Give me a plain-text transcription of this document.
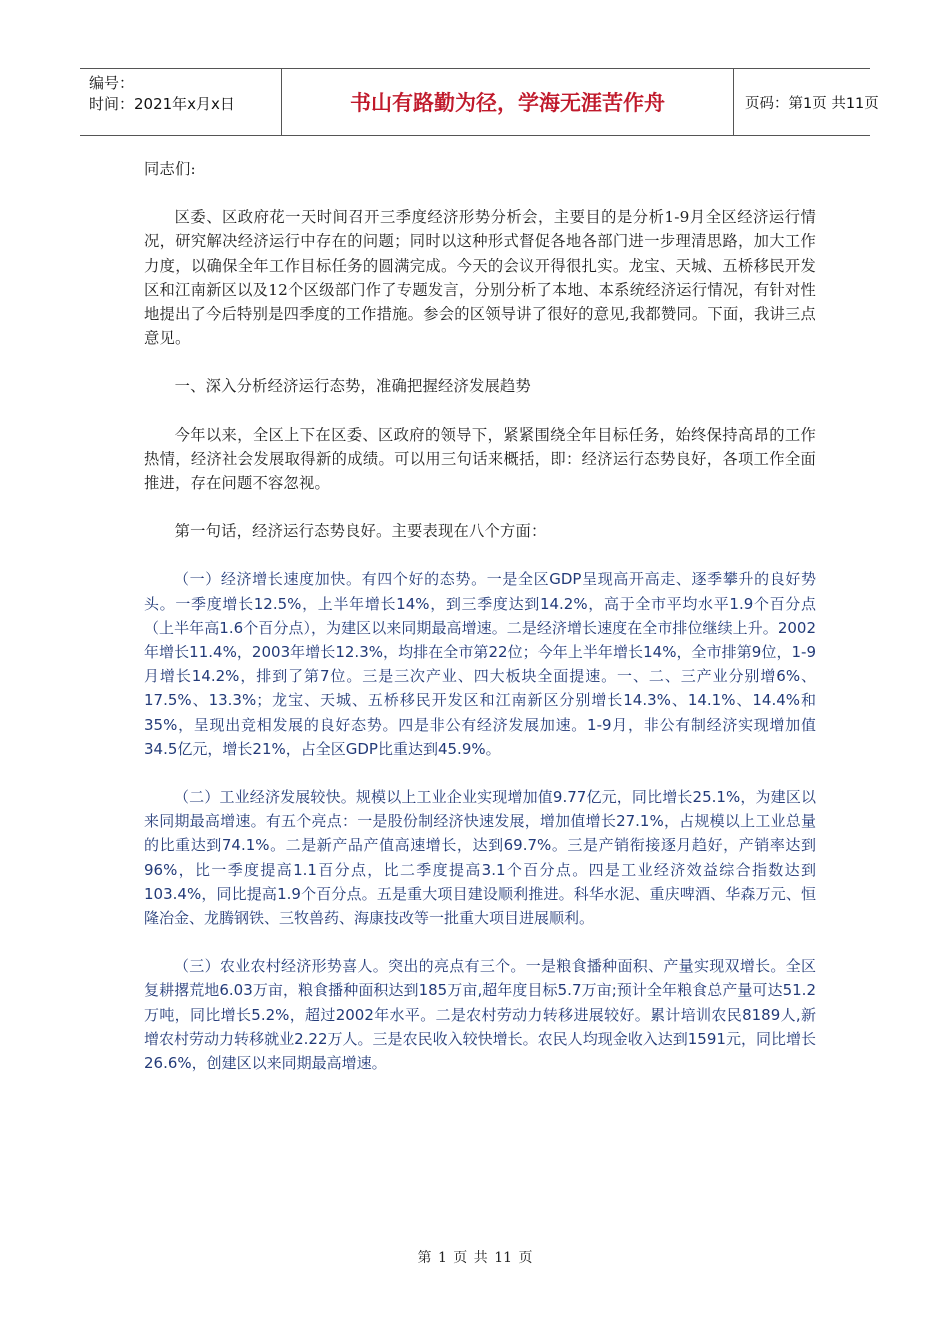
编号：
时间：2021年x月x日	书山有路勤为径，学海无涯苦作舟	页码：第1页 共11页

同志们:

区委、区政府花一天时间召开三季度经济形势分析会，主要目的是分析1-9月全区经济运行情况，研究解决经济运行中存在的问题；同时以这种形式督促各地各部门进一步理清思路，加大工作力度，以确保全年工作目标任务的圆满完成。今天的会议开得很扎实。龙宝、天城、五桥移民开发区和江南新区以及12个区级部门作了专题发言，分别分析了本地、本系统经济运行情况，有针对性地提出了今后特别是四季度的工作措施。参会的区领导讲了很好的意见,我都赞同。下面，我讲三点意见。

一、深入分析经济运行态势，准确把握经济发展趋势

今年以来，全区上下在区委、区政府的领导下，紧紧围绕全年目标任务，始终保持高昂的工作热情，经济社会发展取得新的成绩。可以用三句话来概括，即：经济运行态势良好，各项工作全面推进，存在问题不容忽视。

第一句话，经济运行态势良好。主要表现在八个方面：

（一）经济增长速度加快。有四个好的态势。一是全区GDP呈现高开高走、逐季攀升的良好势头。一季度增长12.5%，上半年增长14%，到三季度达到14.2%，高于全市平均水平1.9个百分点（上半年高1.6个百分点），为建区以来同期最高增速。二是经济增长速度在全市排位继续上升。2002年增长11.4%，2003年增长12.3%，均排在全市第22位；今年上半年增长14%，全市排第9位，1-9月增长14.2%，排到了第7位。三是三次产业、四大板块全面提速。一、二、三产业分别增6%、17.5%、13.3%；龙宝、天城、五桥移民开发区和江南新区分别增长14.3%、14.1%、14.4%和35%，呈现出竞相发展的良好态势。四是非公有经济发展加速。1-9月，非公有制经济实现增加值34.5亿元，增长21%，占全区GDP比重达到45.9%。

（二）工业经济发展较快。规模以上工业企业实现增加值9.77亿元，同比增长25.1%，为建区以来同期最高增速。有五个亮点：一是股份制经济快速发展，增加值增长27.1%，占规模以上工业总量的比重达到74.1%。二是新产品产值高速增长，达到69.7%。三是产销衔接逐月趋好，产销率达到96%，比一季度提高1.1百分点，比二季度提高3.1个百分点。四是工业经济效益综合指数达到103.4%，同比提高1.9个百分点。五是重大项目建设顺利推进。科华水泥、重庆啤酒、华森万元、恒隆冶金、龙腾钢铁、三牧兽药、海康技改等一批重大项目进展顺利。

（三）农业农村经济形势喜人。突出的亮点有三个。一是粮食播种面积、产量实现双增长。全区复耕撂荒地6.03万亩，粮食播种面积达到185万亩,超年度目标5.7万亩;预计全年粮食总产量可达51.2万吨，同比增长5.2%，超过2002年水平。二是农村劳动力转移进展较好。累计培训农民8189人,新增农村劳动力转移就业2.22万人。三是农民收入较快增长。农民人均现金收入达到1591元，同比增长26.6%，创建区以来同期最高增速。

第 1 页 共 11 页
